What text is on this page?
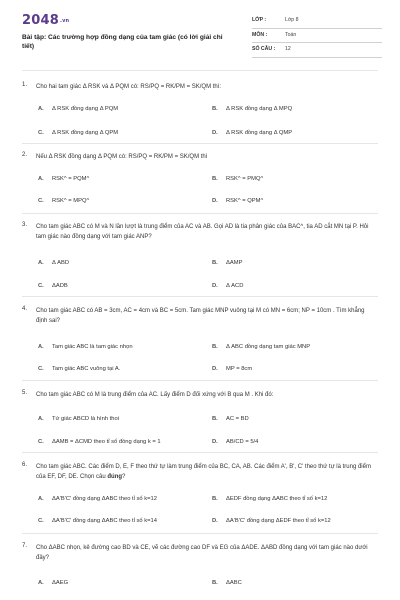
2048.vn
Bài tập: Các trường hợp đồng dạng của tam giác (có lời giải chi tiết)
LỚP :	Lớp 8
MÔN :	Toán
SỐ CÂU : 12
1. Cho hai tam giác Δ RSK và Δ PQM có: RS/PQ = RK/PM = SK/QM thì:
A. Δ RSK đồng dạng Δ PQM	B. Δ RSK đồng dạng Δ MPQ
C. Δ RSK đồng dạng Δ QPM	D. Δ RSK đồng dạng Δ QMP
2. Nếu Δ RSK đồng dạng Δ PQM có: RS/PQ = RK/PM = SK/QM thì
A. RSK^ = PQM^	B. RSK^ = PMQ^
C. RSK^ = MPQ^	D. RSK^ = QPM^
3. Cho tam giác ABC có M và N lần lượt là trung điểm của AC và AB. Gọi AD là tia phân giác của BAC^, tia AD cắt MN tại P. Hỏi tam giác nào đồng dạng với tam giác ANP?
A. Δ ABD	B. ΔAMP
C. ΔADB	D. Δ ACD
4. Cho tam giác ABC có AB = 3cm, AC = 4cm và BC = 5cm. Tam giác MNP vuông tại M có MN = 6cm; NP = 10cm . Tìm khẳng định sai?
A. Tam giác ABC là tam giác nhọn	B. Δ ABC đồng dạng tam giác MNP
C. Tam giác ABC vuông tại A.	D. MP = 8cm
5. Cho tam giác ABC có M là trung điểm của AC. Lấy điểm D đối xứng với B qua M . Khi đó:
A. Tứ giác ABCD là hình thoi	B. AC = BD
C. ΔAMB = ΔCMD theo tỉ số đồng dạng k = 1	D. AB/CD = 5/4
6. Cho tam giác ABC. Các điểm D, E, F theo thứ tự làm trung điểm của BC, CA, AB. Các điểm A', B', C' theo thứ tự là trung điểm của EF, DF, DE. Chọn câu đúng?
A. ΔA'B'C' đồng dạng ΔABC theo tỉ số k=12	B. ΔEDF đồng dạng ΔABC theo tỉ số k=12
C. ΔA'B'C' đồng dạng ΔABC theo tỉ số k=14	D. ΔA'B'C' đồng dạng ΔEDF theo tỉ số k=12
7. Cho ΔABC nhọn, kẻ đường cao BD và CE, vẽ các đường cao DF và EG của ΔADE. ΔABD đồng dạng với tam giác nào dưới đây?
A. ΔAEG	B. ΔABC
